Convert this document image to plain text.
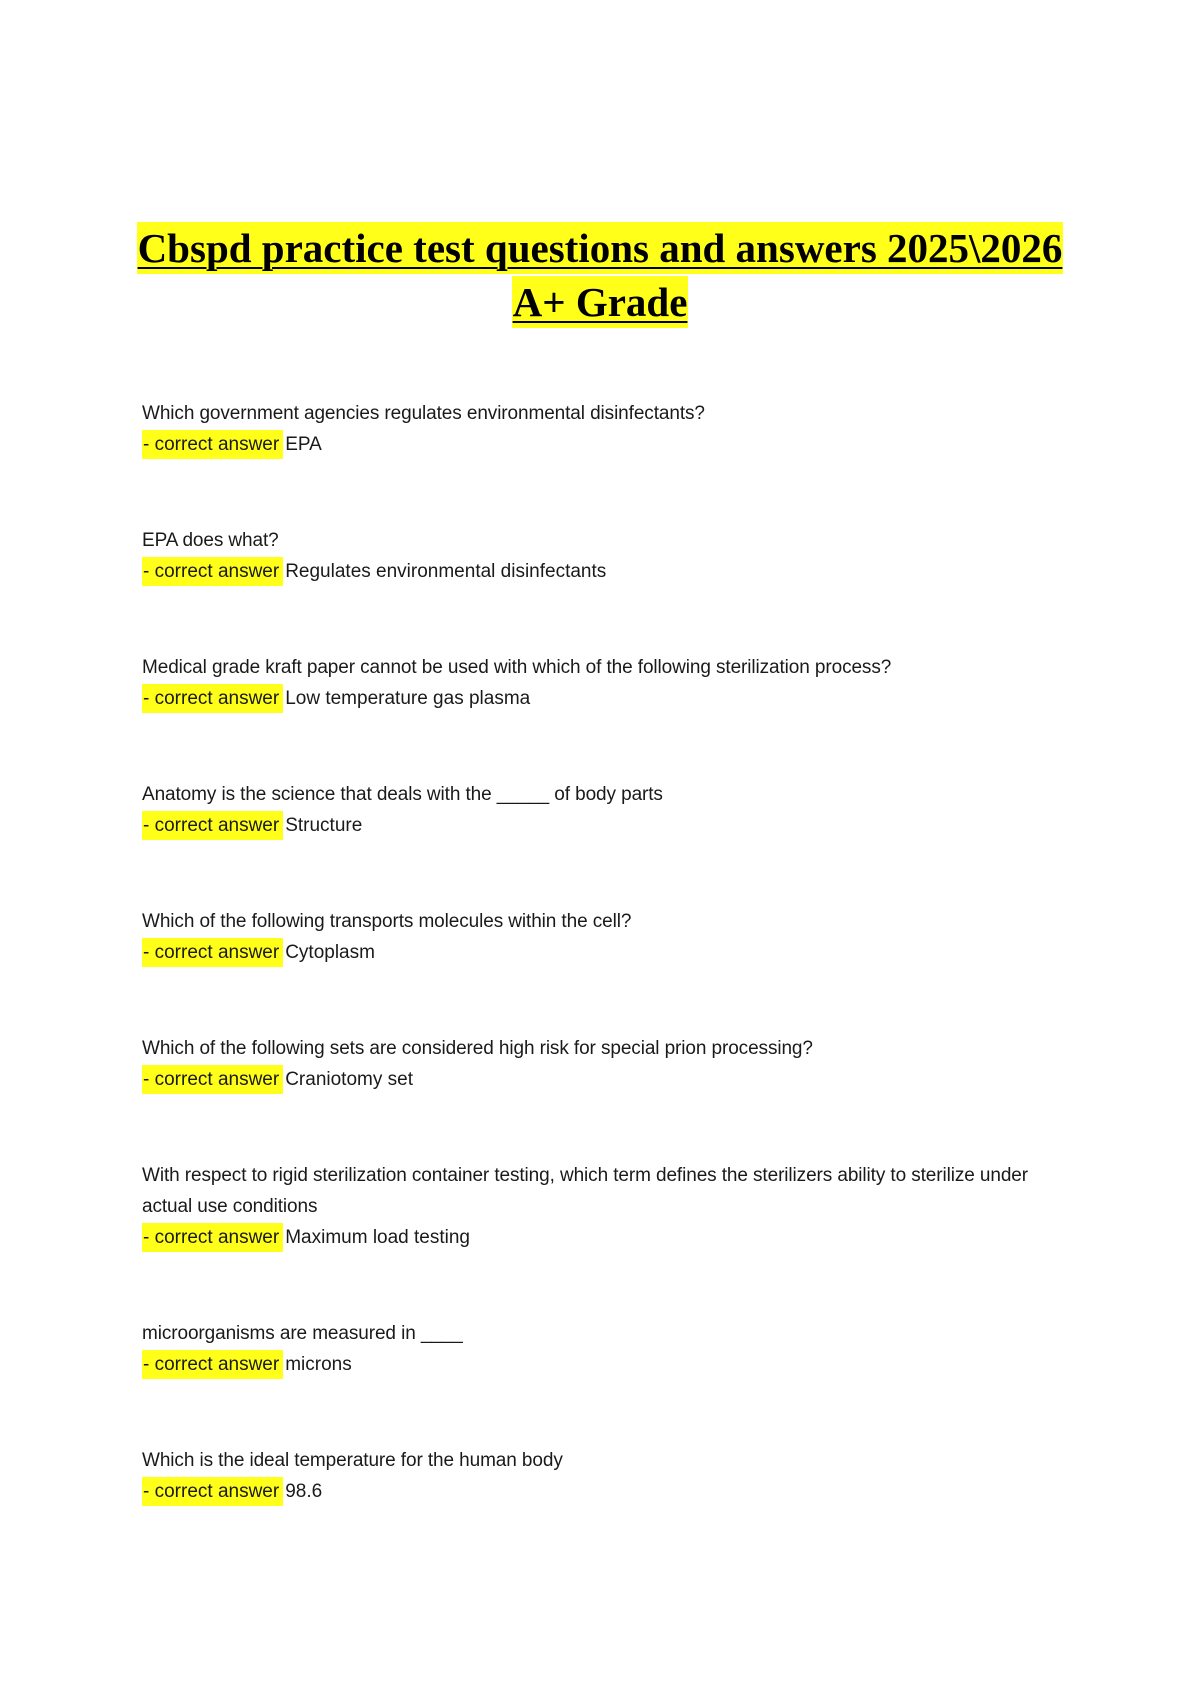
Cbspd practice test questions and answers 2025\2026
A+ Grade
Which government agencies regulates environmental disinfectants?
- correct answer EPA
EPA does what?
- correct answer Regulates environmental disinfectants
Medical grade kraft paper cannot be used with which of the following sterilization process?
- correct answer Low temperature gas plasma
Anatomy is the science that deals with the _____ of body parts
- correct answer Structure
Which of the following transports molecules within the cell?
- correct answer Cytoplasm
Which of the following sets are considered high risk for special prion processing?
- correct answer Craniotomy set
With respect to rigid sterilization container testing, which term defines the sterilizers ability to sterilize under actual use conditions
- correct answer Maximum load testing
microorganisms are measured in ____
- correct answer microns
Which is the ideal temperature for the human body
- correct answer 98.6
